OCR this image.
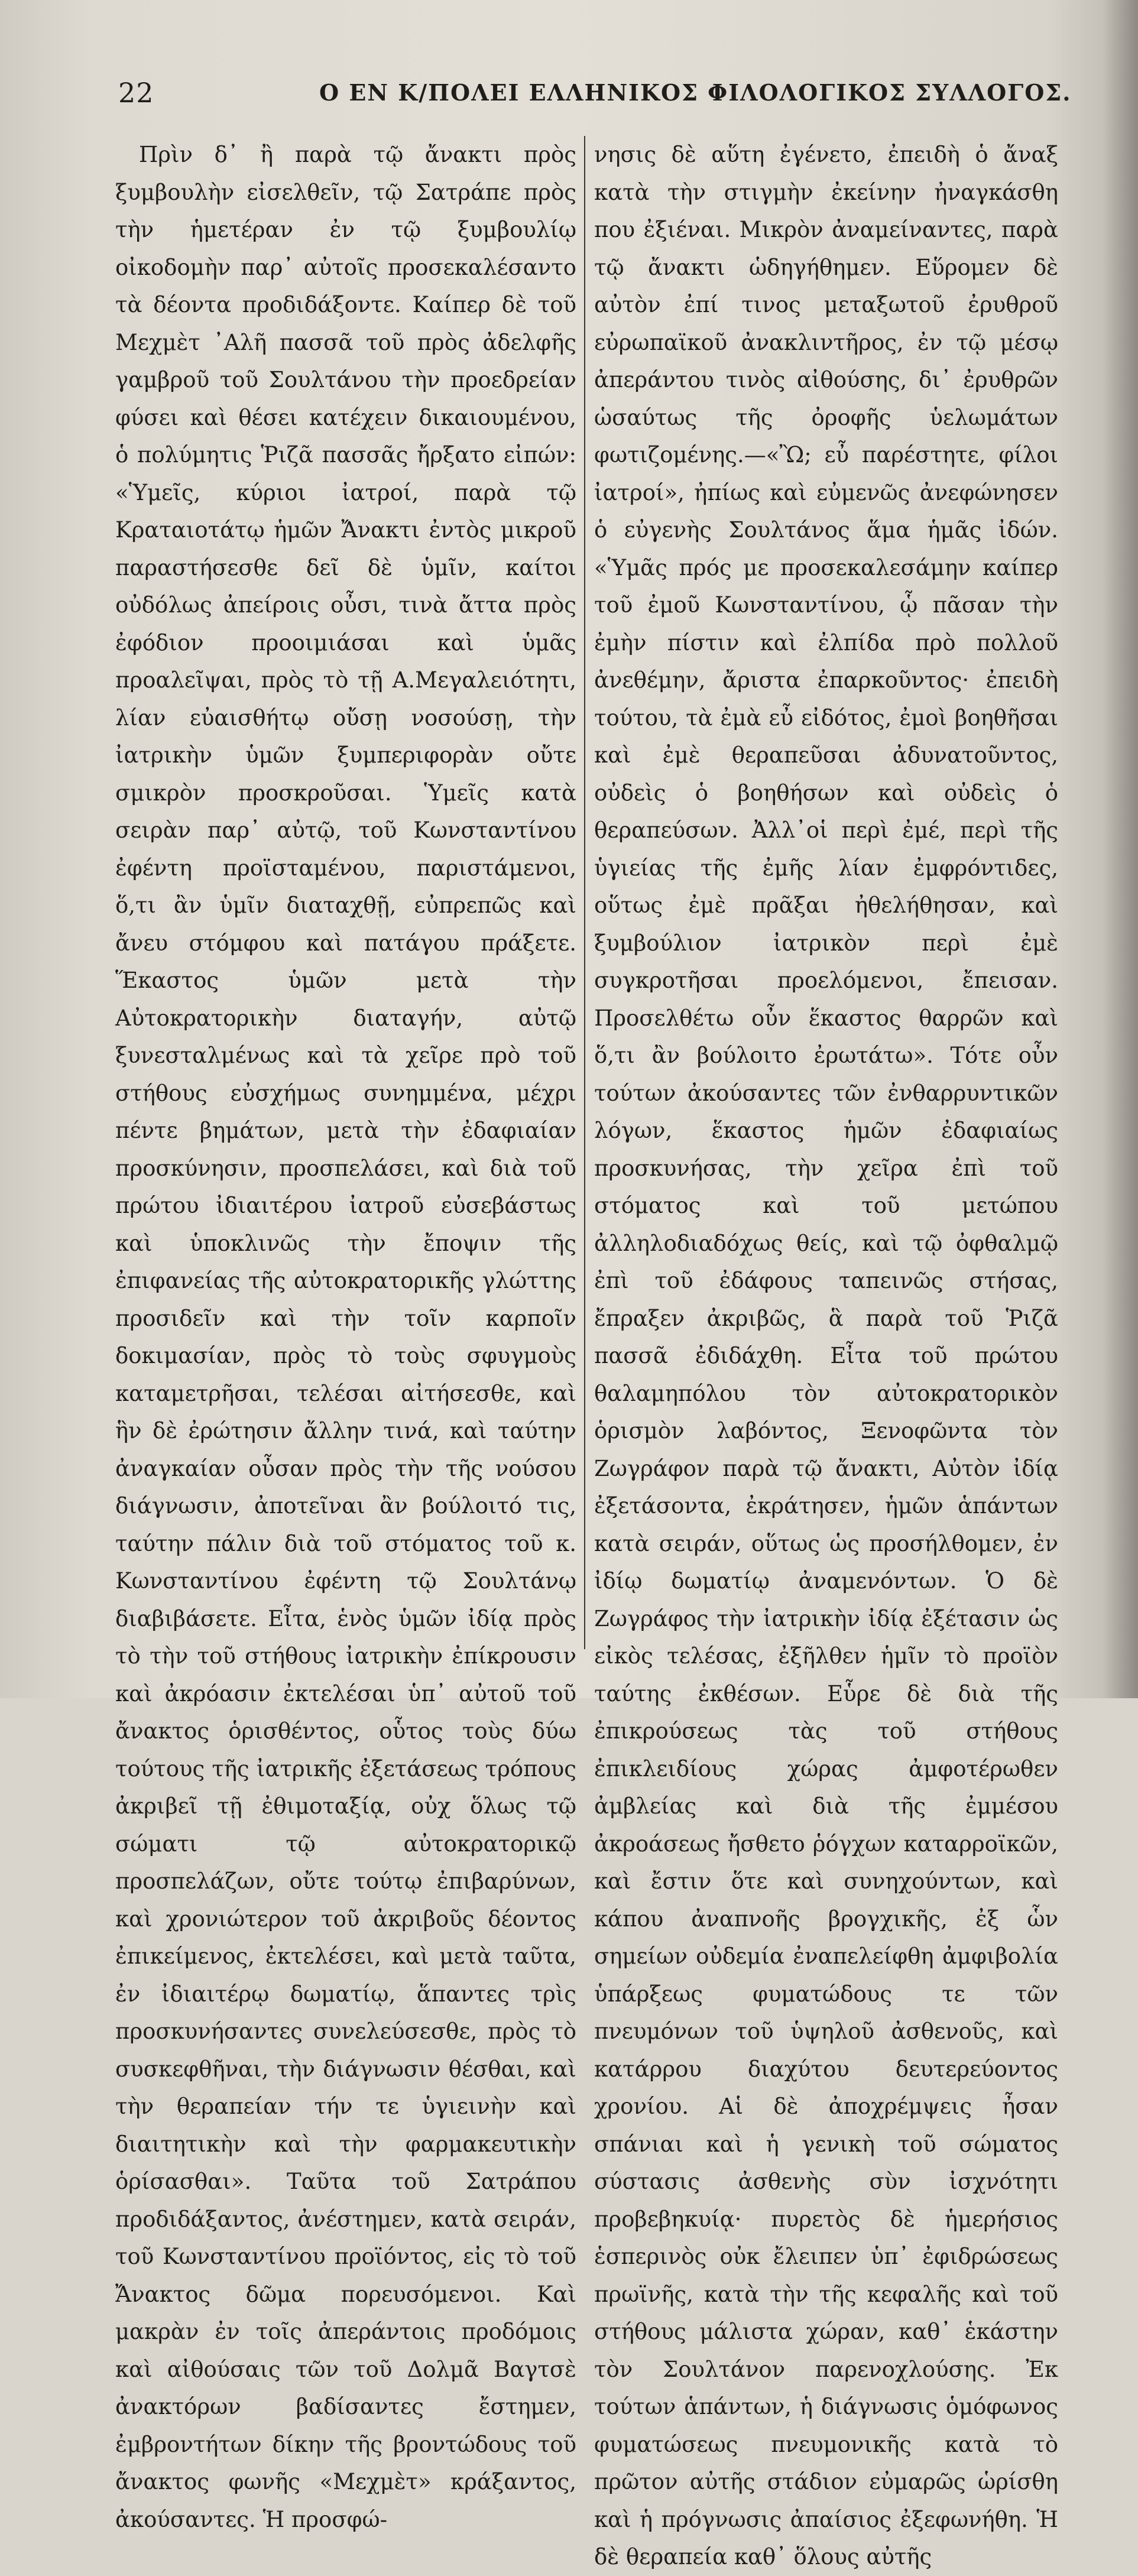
22	Ο ΕΝ Κ/ΠΟΛΕΙ ΕΛΛΗΝΙΚΟΣ ΦΙΛΟΛΟΓΙΚΟΣ ΣΥΛΛΟΓΟΣ.

Πρὶν δ᾽ ἢ παρὰ τῷ ἄνακτι πρὸς ξυμβουλὴν εἰσελθεῖν, τῷ Σατράπε πρὸς τὴν ἡμετέραν ἐν τῷ ξυμβουλίῳ οἰκοδομὴν παρ᾽ αὐτοῖς προσεκαλέσαντο τὰ δέοντα προδιδάξοντε. Καίπερ δὲ τοῦ Μεχμὲτ ᾽Αλῆ πασσᾶ τοῦ πρὸς ἀδελφῆς γαμβροῦ τοῦ Σουλτάνου τὴν προεδρείαν φύσει καὶ θέσει κατέχειν δικαιουμένου, ὁ πολύμητις Ῥιζᾶ πασσᾶς ἤρξατο εἰπών: «Ὑμεῖς, κύριοι ἰατροί, παρὰ τῷ Κραταιοτάτῳ ἡμῶν Ἄνακτι ἐντὸς μικροῦ παραστήσεσθε δεῖ δὲ ὑμῖν, καίτοι οὐδόλως ἀπείροις οὖσι, τινὰ ἄττα πρὸς ἐφόδιον προοιμιάσαι καὶ ὑμᾶς προαλεῖψαι, πρὸς τὸ τῇ Α.Μεγαλειότητι, λίαν εὐαισθήτῳ οὔσῃ νοσούσῃ, τὴν ἰατρικὴν ὑμῶν ξυμπεριφορὰν οὔτε σμικρὸν προσκροῦσαι. Ὑμεῖς κατὰ σειρὰν παρ᾽ αὐτῷ, τοῦ Κωνσταντίνου ἐφέντη προϊσταμένου, παριστάμενοι, ὅ,τι ἂν ὑμῖν διαταχθῇ, εὐπρεπῶς καὶ ἄνευ στόμφου καὶ πατάγου πράξετε. Ἕκαστος ὑμῶν μετὰ τὴν Αὐτοκρατορικὴν διαταγήν, αὐτῷ ξυνεσταλμένως καὶ τὰ χεῖρε πρὸ τοῦ στήθους εὐσχήμως συνημμένα, μέχρι πέντε βημάτων, μετὰ τὴν ἐδαφιαίαν προσκύνησιν, προσπελάσει, καὶ διὰ τοῦ πρώτου ἰδιαιτέρου ἰατροῦ εὐσεβάστως καὶ ὑποκλινῶς τὴν ἔποψιν τῆς ἐπιφανείας τῆς αὐτοκρατορικῆς γλώττης προσιδεῖν καὶ τὴν τοῖν καρποῖν δοκιμασίαν, πρὸς τὸ τοὺς σφυγμοὺς καταμετρῆσαι, τελέσαι αἰτήσεσθε, καὶ ἣν δὲ ἐρώτησιν ἄλλην τινά, καὶ ταύτην ἀναγκαίαν οὖσαν πρὸς τὴν τῆς νούσου διάγνωσιν, ἀποτεῖναι ἂν βούλοιτό τις, ταύτην πάλιν διὰ τοῦ στόματος τοῦ κ. Κωνσταντίνου ἐφέντη τῷ Σουλτάνῳ διαβιβάσετε. Εἶτα, ἑνὸς ὑμῶν ἰδίᾳ πρὸς τὸ τὴν τοῦ στήθους ἰατρικὴν ἐπίκρουσιν καὶ ἀκρόασιν ἐκτελέσαι ὑπ᾽ αὐτοῦ τοῦ ἄνακτος ὁρισθέντος, οὗτος τοὺς δύω τούτους τῆς ἰατρικῆς ἐξετάσεως τρόπους ἀκριβεῖ τῇ ἐθιμοταξίᾳ, οὐχ ὅλως τῷ σώματι τῷ αὐτοκρατορικῷ προσπελάζων, οὔτε τούτῳ ἐπιβαρύνων, καὶ χρονιώτερον τοῦ ἀκριβοῦς δέοντος ἐπικείμενος, ἐκτελέσει, καὶ μετὰ ταῦτα, ἐν ἰδιαιτέρῳ δωματίῳ, ἅπαντες τρὶς προσκυνήσαντες συνελεύσεσθε, πρὸς τὸ συσκεφθῆναι, τὴν διάγνωσιν θέσθαι, καὶ τὴν θεραπείαν τήν τε ὑγιεινὴν καὶ διαιτητικὴν καὶ τὴν φαρμακευτικὴν ὁρίσασθαι». Ταῦτα τοῦ Σατράπου προδιδάξαντος, ἀνέστημεν, κατὰ σειράν, τοῦ Κωνσταντίνου προϊόντος, εἰς τὸ τοῦ Ἄνακτος δῶμα πορευσόμενοι. Καὶ μακρὰν ἐν τοῖς ἀπεράντοις προδόμοις καὶ αἰθούσαις τῶν τοῦ Δολμᾶ Βαγτσὲ ἀνακτόρων βαδίσαντες ἔστημεν, ἐμβροντήτων δίκην τῆς βροντώδους τοῦ ἄνακτος φωνῆς «Μεχμὲτ» κράξαντος, ἀκούσαντες. Ἡ προσφώ-

νησις δὲ αὕτη ἐγένετο, ἐπειδὴ ὁ ἄναξ κατὰ τὴν στιγμὴν ἐκείνην ἠναγκάσθη που ἐξιέναι. Μικρὸν ἀναμείναντες, παρὰ τῷ ἄνακτι ὡδηγήθημεν. Εὕρομεν δὲ αὐτὸν ἐπί τινος μεταξωτοῦ ἐρυθροῦ εὐρωπαϊκοῦ ἀνακλιντῆρος, ἐν τῷ μέσῳ ἀπεράντου τινὸς αἰθούσης, δι᾽ ἐρυθρῶν ὡσαύτως τῆς ὀροφῆς ὑελωμάτων φωτιζομένης.—«Ὢ; εὖ παρέστητε, φίλοι ἰατροί», ἠπίως καὶ εὐμενῶς ἀνεφώνησεν ὁ εὐγενὴς Σουλτάνος ἅμα ἡμᾶς ἰδών. «Ὑμᾶς πρός με προσεκαλεσάμην καίπερ τοῦ ἐμοῦ Κωνσταντίνου, ᾧ πᾶσαν τὴν ἐμὴν πίστιν καὶ ἐλπίδα πρὸ πολλοῦ ἀνεθέμην, ἄριστα ἐπαρκοῦντος· ἐπειδὴ τούτου, τὰ ἐμὰ εὖ εἰδότος, ἐμοὶ βοηθῆσαι καὶ ἐμὲ θεραπεῦσαι ἀδυνατοῦντος, οὐδεὶς ὁ βοηθήσων καὶ οὐδεὶς ὁ θεραπεύσων. Ἀλλ᾽οἱ περὶ ἐμέ, περὶ τῆς ὑγιείας τῆς ἐμῆς λίαν ἐμφρόντιδες, οὕτως ἐμὲ πρᾶξαι ἠθελήθησαν, καὶ ξυμβούλιον ἰατρικὸν περὶ ἐμὲ συγκροτῆσαι προελόμενοι, ἔπεισαν. Προσελθέτω οὖν ἕκαστος θαρρῶν καὶ ὅ,τι ἂν βούλοιτο ἐρωτάτω». Τότε οὖν τούτων ἀκούσαντες τῶν ἐνθαρρυντικῶν λόγων, ἕκαστος ἡμῶν ἐδαφιαίως προσκυνήσας, τὴν χεῖρα ἐπὶ τοῦ στόματος καὶ τοῦ μετώπου ἀλληλοδιαδόχως θείς, καὶ τῷ ὀφθαλμῷ ἐπὶ τοῦ ἐδάφους ταπεινῶς στήσας, ἔπραξεν ἀκριβῶς, ἃ παρὰ τοῦ Ῥιζᾶ πασσᾶ ἐδιδάχθη. Εἶτα τοῦ πρώτου θαλαμηπόλου τὸν αὐτοκρατορικὸν ὁρισμὸν λαβόντος, Ξενοφῶντα τὸν Ζωγράφον παρὰ τῷ ἄνακτι, Αὐτὸν ἰδίᾳ ἐξετάσοντα, ἐκράτησεν, ἡμῶν ἁπάντων κατὰ σειράν, οὕτως ὡς προσήλθομεν, ἐν ἰδίῳ δωματίῳ ἀναμενόντων. Ὁ δὲ Ζωγράφος τὴν ἰατρικὴν ἰδίᾳ ἐξέτασιν ὡς εἰκὸς τελέσας, ἐξῆλθεν ἡμῖν τὸ προϊὸν ταύτης ἐκθέσων. Εὗρε δὲ διὰ τῆς ἐπικρούσεως τὰς τοῦ στήθους ἐπικλειδίους χώρας ἀμφοτέρωθεν ἀμβλείας καὶ διὰ τῆς ἐμμέσου ἀκροάσεως ἤσθετο ῥόγχων καταρροϊκῶν, καὶ ἔστιν ὅτε καὶ συνηχούντων, καὶ κάπου ἀναπνοῆς βρογχικῆς, ἐξ ὧν σημείων οὐδεμία ἐναπελείφθη ἀμφιβολία ὑπάρξεως φυματώδους τε τῶν πνευμόνων τοῦ ὑψηλοῦ ἀσθενοῦς, καὶ κατάρρου διαχύτου δευτερεύοντος χρονίου. Αἱ δὲ ἀποχρέμψεις ἦσαν σπάνιαι καὶ ἡ γενικὴ τοῦ σώματος σύστασις ἀσθενὴς σὺν ἰσχνότητι προβεβηκυίᾳ· πυρετὸς δὲ ἡμερήσιος ἑσπερινὸς οὐκ ἔλειπεν ὑπ᾽ ἐφιδρώσεως πρωϊνῆς, κατὰ τὴν τῆς κεφαλῆς καὶ τοῦ στήθους μάλιστα χώραν, καθ᾽ ἑκάστην τὸν Σουλτάνον παρενοχλούσης. Ἐκ τούτων ἁπάντων, ἡ διάγνωσις ὁμόφωνος φυματώσεως πνευμονικῆς κατὰ τὸ πρῶτον αὐτῆς στάδιον εὐμαρῶς ὡρίσθη καὶ ἡ πρόγνωσις ἀπαίσιος ἐξεφωνήθη. Ἡ δὲ θεραπεία καθ᾽ ὅλους αὐτῆς
